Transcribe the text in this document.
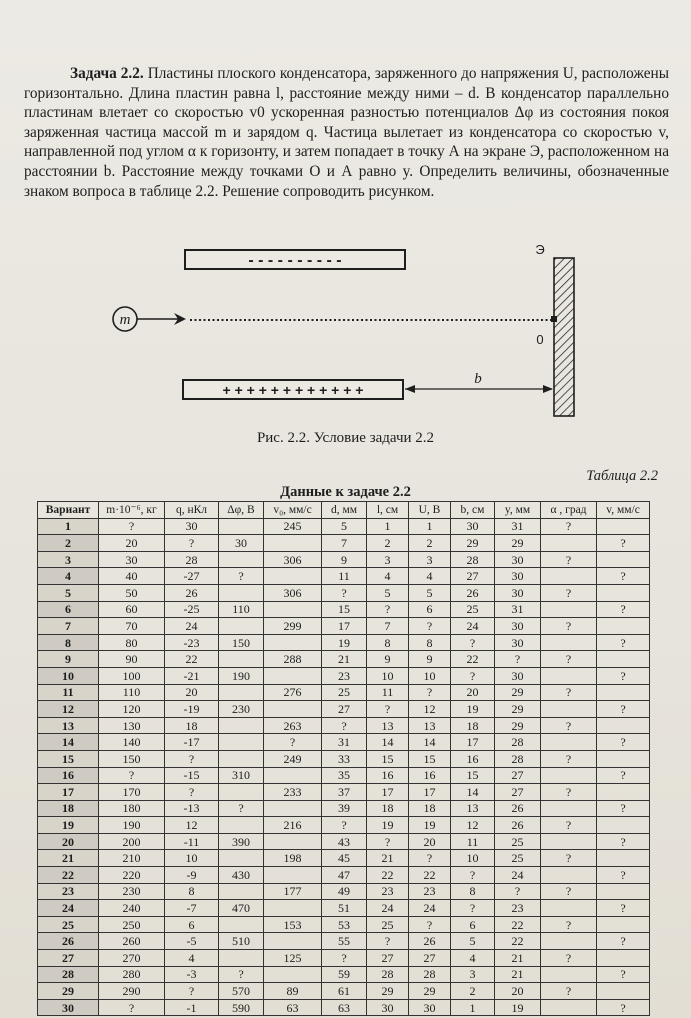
Задача 2.2. Пластины плоского конденсатора, заряженного до напряжения U, расположены горизонтально. Длина пластин равна l, расстояние между ними – d. В конденсатор параллельно пластинам влетает со скоростью v0 ускоренная разностью потенциалов Δφ из состояния покоя заряженная частица массой m и зарядом q. Частица вылетает из конденсатора со скоростью v, направленной под углом α к горизонту, и затем попадает в точку А на экране Э, расположенном на расстоянии b. Расстояние между точками О и А равно y. Определить величины, обозначенные знаком вопроса в таблице 2.2. Решение сопроводить рисунком.
- - - - - - - - - -
m
Э
0
+ + + + + + + + + + + +
b
Рис. 2.2. Условие задачи 2.2
Таблица 2.2
Данные к задаче 2.2
Вариант	m·10⁻⁶, кг	q, нКл	Δφ, В	v₀, мм/с	d, мм	l, см	U, В	b, см	y, мм	α , град	v, мм/с
1	?	30		245	5	1	1	30	31	?	
2	20	?	30		7	2	2	29	29		?
3	30	28		306	9	3	3	28	30	?	
4	40	-27	?		11	4	4	27	30		?
5	50	26		306	?	5	5	26	30	?	
6	60	-25	110		15	?	6	25	31		?
7	70	24		299	17	7	?	24	30	?	
8	80	-23	150		19	8	8	?	30		?
9	90	22		288	21	9	9	22	?	?	
10	100	-21	190		23	10	10	?	30		?
11	110	20		276	25	11	?	20	29	?	
12	120	-19	230		27	?	12	19	29		?
13	130	18		263	?	13	13	18	29	?	
14	140	-17		?	31	14	14	17	28		?
15	150	?		249	33	15	15	16	28	?	
16	?	-15	310		35	16	16	15	27		?
17	170	?		233	37	17	17	14	27	?	
18	180	-13	?		39	18	18	13	26		?
19	190	12		216	?	19	19	12	26	?	
20	200	-11	390		43	?	20	11	25		?
21	210	10		198	45	21	?	10	25	?	
22	220	-9	430		47	22	22	?	24		?
23	230	8		177	49	23	23	8	?	?	
24	240	-7	470		51	24	24	?	23		?
25	250	6		153	53	25	?	6	22	?	
26	260	-5	510		55	?	26	5	22		?
27	270	4		125	?	27	27	4	21	?	
28	280	-3	?		59	28	28	3	21		?
29	290	?	570	89	61	29	29	2	20	?	
30	?	-1	590	63	63	30	30	1	19		?
